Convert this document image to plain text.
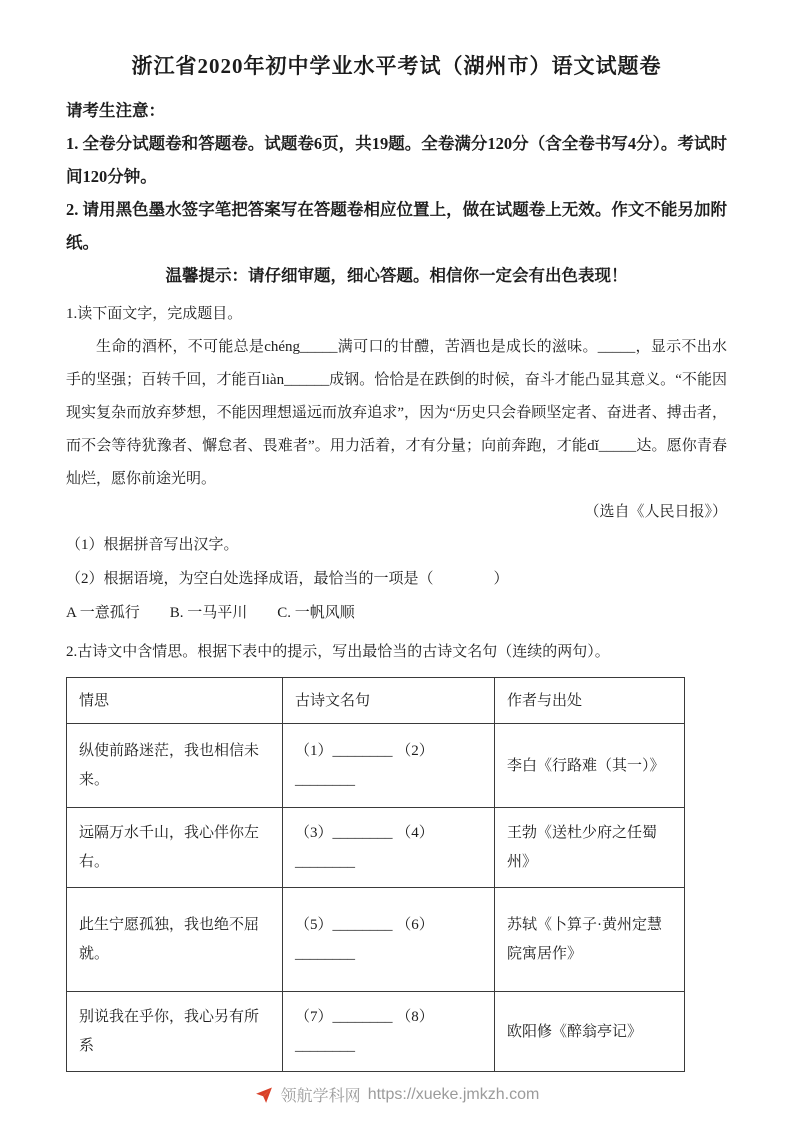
浙江省2020年初中学业水平考试（湖州市）语文试题卷

请考生注意：

1. 全卷分试题卷和答题卷。试题卷6页，共19题。全卷满分120分（含全卷书写4分）。考试时间120分钟。

2. 请用黑色墨水签字笔把答案写在答题卷相应位置上，做在试题卷上无效。作文不能另加附纸。

温馨提示：请仔细审题，细心答题。相信你一定会有出色表现！

1.读下面文字，完成题目。

生命的酒杯，不可能总是chéng_____满可口的甘醴，苦酒也是成长的滋味。_____，显示不出水手的坚强；百转千回，才能百liàn______成钢。恰恰是在跌倒的时候，奋斗才能凸显其意义。“不能因现实复杂而放弃梦想，不能因理想遥远而放弃追求”，因为“历史只会眷顾坚定者、奋进者、搏击者，而不会等待犹豫者、懈怠者、畏难者”。用力活着，才有分量；向前奔跑，才能dǐ_____达。愿你青春灿烂，愿你前途光明。

（选自《人民日报》）

（1）根据拼音写出汉字。

（2）根据语境，为空白处选择成语，最恰当的一项是（　　　　）

A 一意孤行　　B. 一马平川　　C. 一帆风顺

2.古诗文中含情思。根据下表中的提示，写出最恰当的古诗文名句（连续的两句）。

情思	古诗文名句	作者与出处
纵使前路迷茫，我也相信未来。	（1）________ （2）________	李白《行路难（其一）》
远隔万水千山，我心伴你左右。	（3）________ （4）________	王勃《送杜少府之任蜀州》
此生宁愿孤独，我也绝不屈就。	（5）________ （6）________	苏轼《卜算子·黄州定慧院寓居作》
别说我在乎你，我心另有所系	（7）________ （8）________	欧阳修《醉翁亭记》
领航学科网 https://xueke.jmkzh.com
